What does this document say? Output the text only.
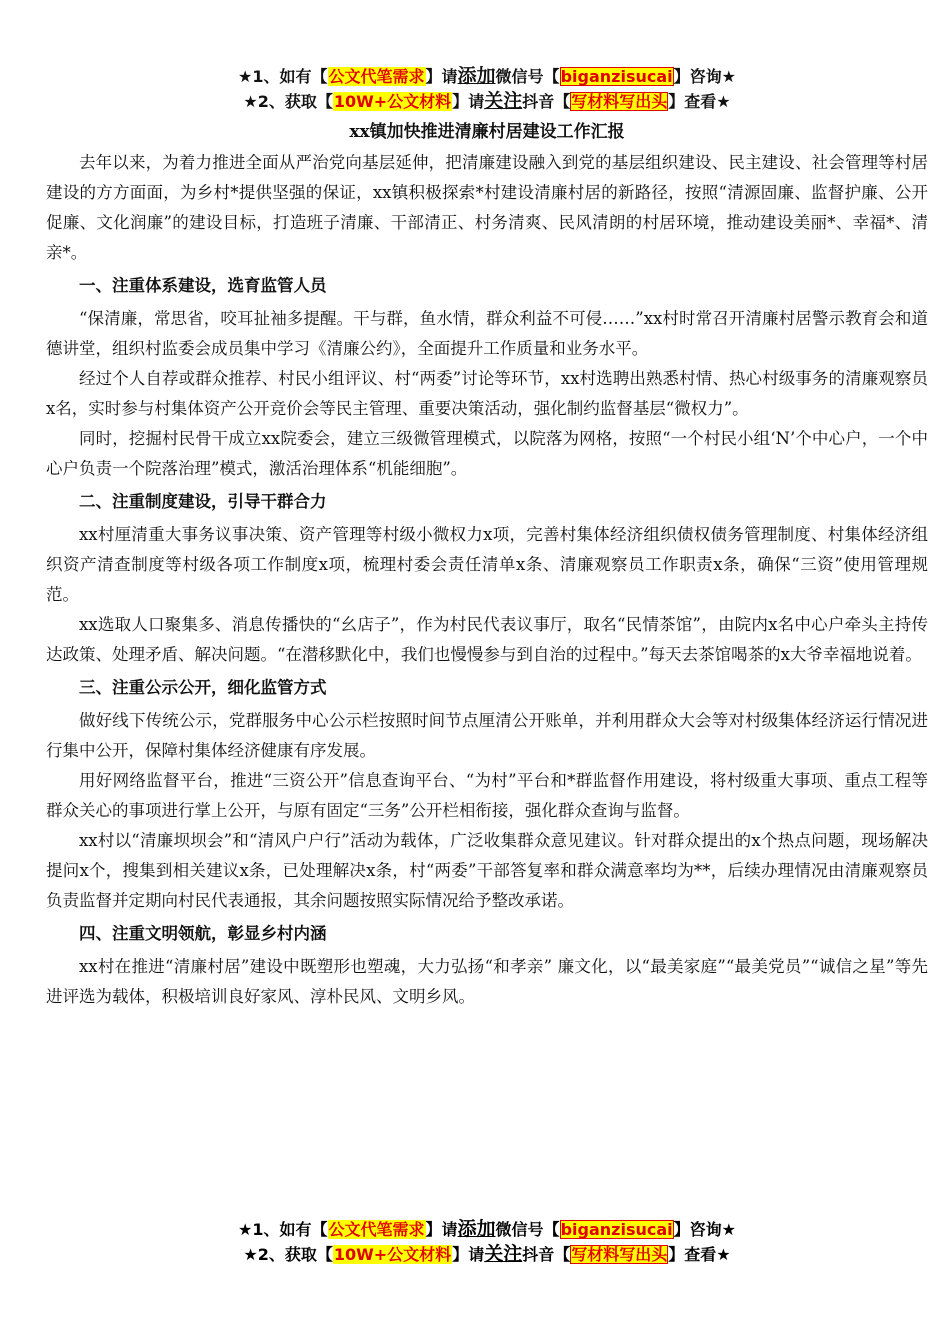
★1、如有【公文代笔需求】请添加微信号【biganzisucai】咨询★
★2、获取【10W+公文材料】请关注抖音【写材料写出头】查看★
xx镇加快推进清廉村居建设工作汇报

去年以来，为着力推进全面从严治党向基层延伸，把清廉建设融入到党的基层组织建设、民主建设、社会管理等村居建设的方方面面，为乡村*提供坚强的保证，xx镇积极探索*村建设清廉村居的新路径，按照“清源固廉、监督护廉、公开促廉、文化润廉”的建设目标，打造班子清廉、干部清正、村务清爽、民风清朗的村居环境，推动建设美丽*、幸福*、清亲*。

一、注重体系建设，选育监管人员

“保清廉，常思省，咬耳扯袖多提醒。干与群，鱼水情，群众利益不可侵……”xx村时常召开清廉村居警示教育会和道德讲堂，组织村监委会成员集中学习《清廉公约》，全面提升工作质量和业务水平。

经过个人自荐或群众推荐、村民小组评议、村“两委”讨论等环节，xx村选聘出熟悉村情、热心村级事务的清廉观察员x名，实时参与村集体资产公开竞价会等民主管理、重要决策活动，强化制约监督基层“微权力”。

同时，挖掘村民骨干成立xx院委会，建立三级微管理模式，以院落为网格，按照“一个村民小组‘N’个中心户，一个中心户负责一个院落治理”模式，激活治理体系“机能细胞”。

二、注重制度建设，引导干群合力

xx村厘清重大事务议事决策、资产管理等村级小微权力x项，完善村集体经济组织债权债务管理制度、村集体经济组织资产清查制度等村级各项工作制度x项，梳理村委会责任清单x条、清廉观察员工作职责x条，确保“三资”使用管理规范。

xx选取人口聚集多、消息传播快的“幺店子”，作为村民代表议事厅，取名“民情茶馆”，由院内x名中心户牵头主持传达政策、处理矛盾、解决问题。“在潜移默化中，我们也慢慢参与到自治的过程中。”每天去茶馆喝茶的x大爷幸福地说着。

三、注重公示公开，细化监管方式

做好线下传统公示，党群服务中心公示栏按照时间节点厘清公开账单，并利用群众大会等对村级集体经济运行情况进行集中公开，保障村集体经济健康有序发展。

用好网络监督平台，推进“三资公开”信息查询平台、“为村”平台和*群监督作用建设，将村级重大事项、重点工程等群众关心的事项进行掌上公开，与原有固定“三务”公开栏相衔接，强化群众查询与监督。

xx村以“清廉坝坝会”和“清风户户行”活动为载体，广泛收集群众意见建议。针对群众提出的x个热点问题，现场解决提问x个，搜集到相关建议x条，已处理解决x条，村“两委”干部答复率和群众满意率均为**，后续办理情况由清廉观察员负责监督并定期向村民代表通报，其余问题按照实际情况给予整改承诺。

四、注重文明领航，彰显乡村内涵

xx村在推进“清廉村居”建设中既塑形也塑魂，大力弘扬“和孝亲” 廉文化，以“最美家庭”“最美党员”“诚信之星”等先进评选为载体，积极培训良好家风、淳朴民风、文明乡风。

★1、如有【公文代笔需求】请添加微信号【biganzisucai】咨询★
★2、获取【10W+公文材料】请关注抖音【写材料写出头】查看★
